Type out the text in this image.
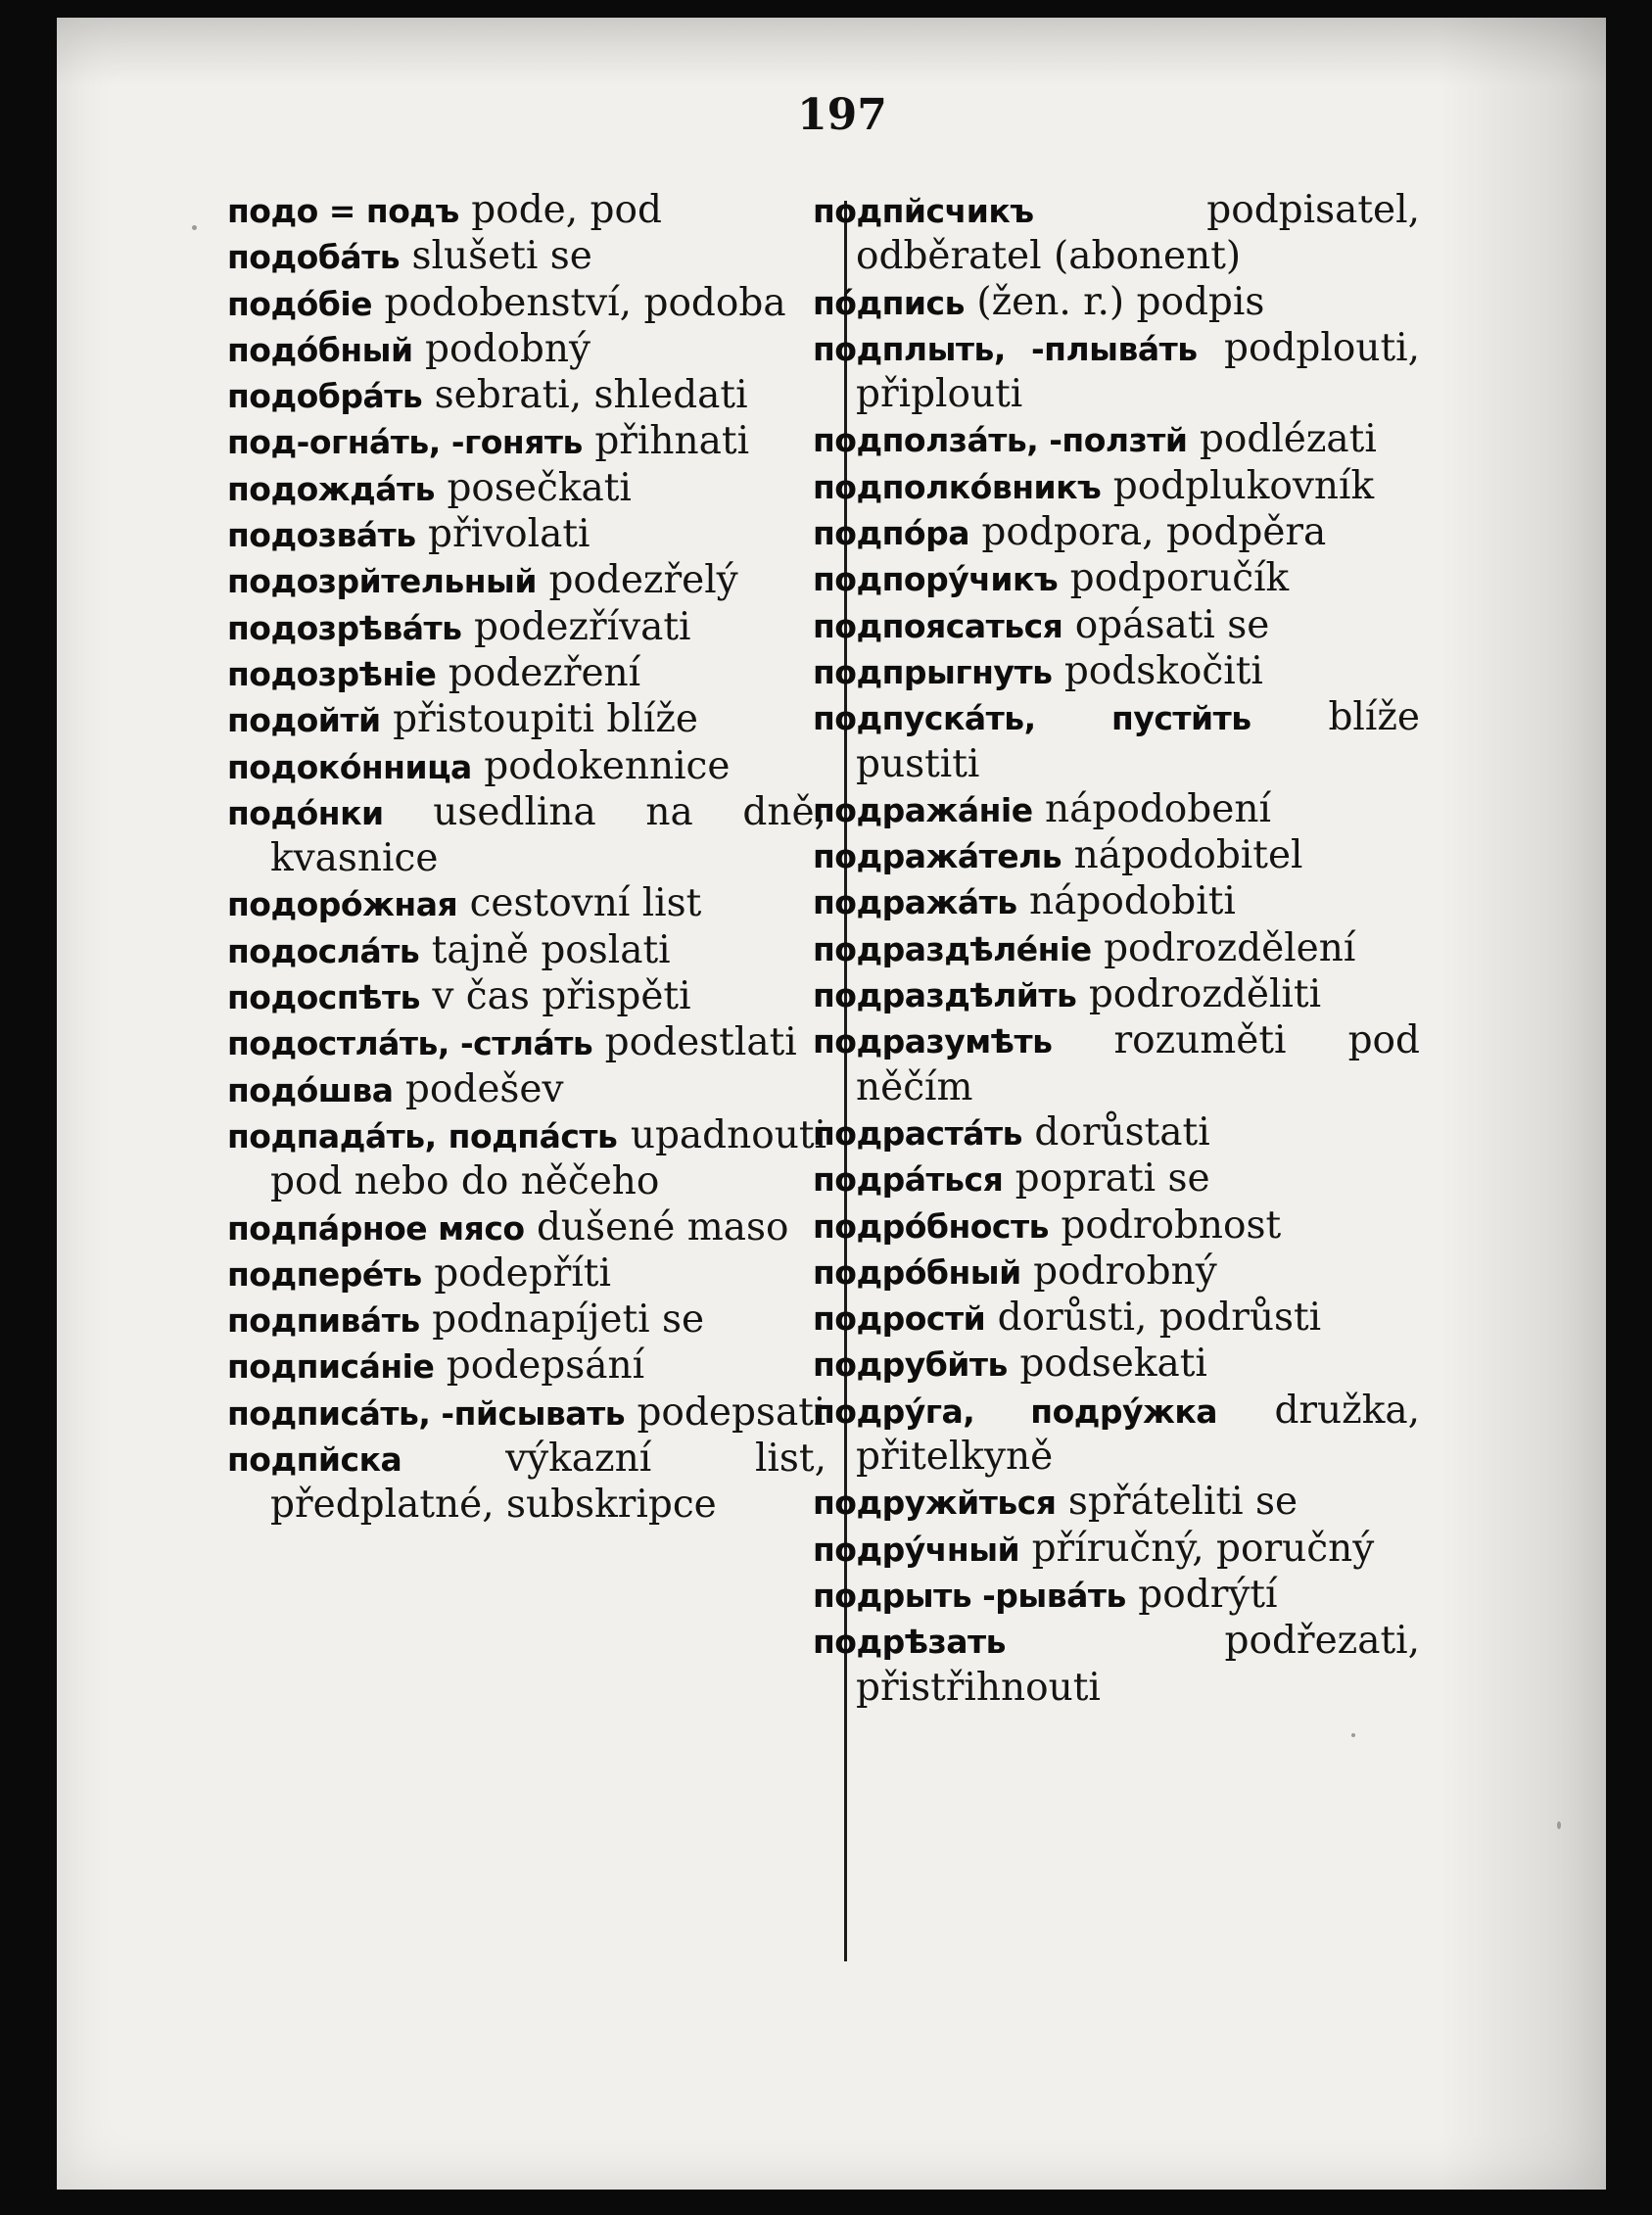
197
подо = подъ pode, pod
подобáть slušeti se
подóбіе podobenství, podoba
подóбный podobný
подобрáть sebrati, shledati
под-огнáть, -гонять přihnati
подождáть posečkati
подозвáть přivolati
подозрйтельный podezřelý
подозрѣвáть podezřívati
подозрѣніе podezření
подойтй přistoupiti blíže
подокóнница podokennice
подóнки usedlina na dně, kvasnice
подорóжная cestovní list
подослáть tajně poslati
подоспѣть v čas přispěti
подостлáть, -стлáть podestlati
подóшва podešev
подпадáть, подпáсть upadnouti pod nebo do něčeho
подпáрное мясо dušené maso
подперéть podepříti
подпивáть podnapíjeti se
подписáніе podepsání
подписáть, -пйсывать podepsati
подпйска	výkazní list, předplatné, subskripce
подпйсчикъ	podpisatel, odběratel (abonent)
пóдпись (žen. r.) podpis
подплыть, -плывáть podplouti, připlouti
подползáть, -ползтй podlézati
подполкóвникъ podplukovník
подпóра podpora, podpěra
подпорýчикъ podporučík
подпоясаться opásati se
подпрыгнуть podskočiti
подпускáть, пустйть blíže pustiti
подражáніе nápodobení
подражáтель nápodobitel
подражáть nápodobiti
подраздѣлéніе podrozdělení
подраздѣлйть podrozděliti
подразумѣть rozuměti pod něčím
подрастáть dorůstati
подрáться poprati se
подрóбность podrobnost
подрóбный podrobný
подростй dorůsti, podrůsti
подрубйть podsekati
подрýга, подрýжка družka, přitelkyně
подружйться spřáteliti se
подрýчный příručný, poručný
подрыть -рывáть podrýtí
подрѣзать	podřezati, přistřihnouti
